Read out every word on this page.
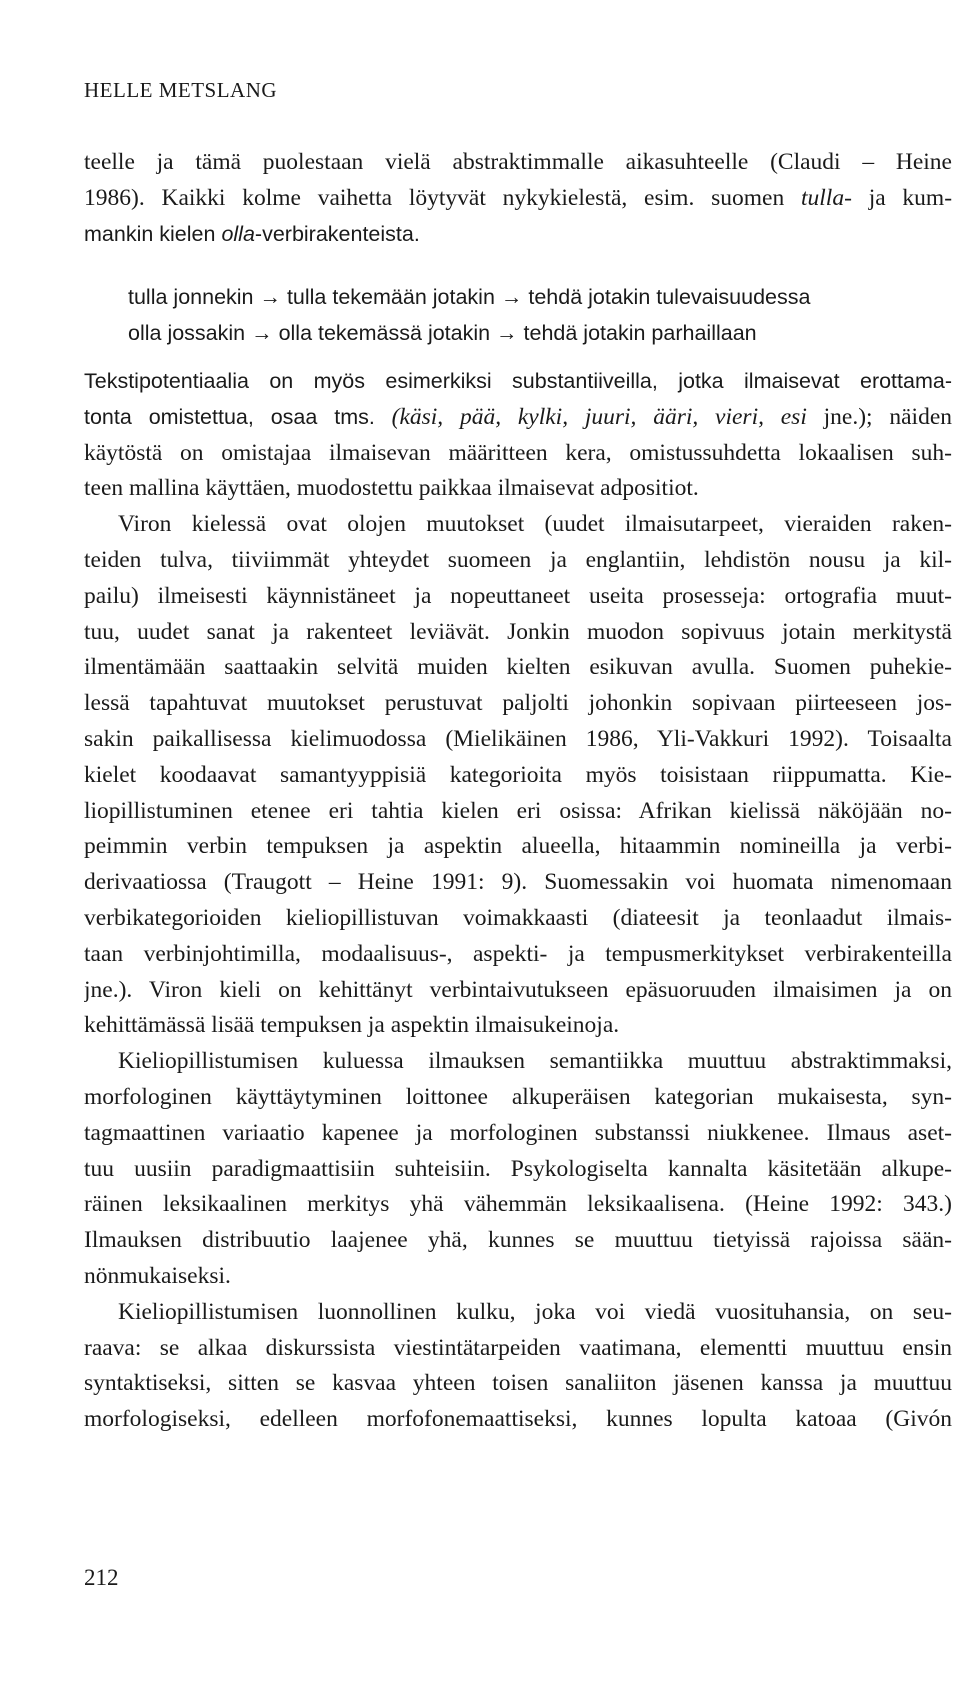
HELLE METSLANG

teelle ja tämä puolestaan vielä abstraktimmalle aikasuhteelle (Claudi – Heine
1986). Kaikki kolme vaihetta löytyvät nykykielestä, esim. suomen tulla- ja kum-
mankin kielen olla-verbirakenteista.
tulla jonnekin → tulla tekemään jotakin → tehdä jotakin tulevaisuudessa
olla jossakin → olla tekemässä jotakin → tehdä jotakin parhaillaan
Tekstipotentiaalia on myös esimerkiksi substantiiveilla, jotka ilmaisevat erottama-
tonta omistettua, osaa tms. (käsi, pää, kylki, juuri, ääri, vieri, esi jne.); näiden
käytöstä on omistajaa ilmaisevan määritteen kera, omistussuhdetta lokaalisen suh-
teen mallina käyttäen, muodostettu paikkaa ilmaisevat adpositiot.
Viron kielessä ovat olojen muutokset (uudet ilmaisutarpeet, vieraiden raken-
teiden tulva, tiiviimmät yhteydet suomeen ja englantiin, lehdistön nousu ja kil-
pailu) ilmeisesti käynnistäneet ja nopeuttaneet useita prosesseja: ortografia muut-
tuu, uudet sanat ja rakenteet leviävät. Jonkin muodon sopivuus jotain merkitystä
ilmentämään saattaakin selvitä muiden kielten esikuvan avulla. Suomen puhekie-
lessä tapahtuvat muutokset perustuvat paljolti johonkin sopivaan piirteeseen jos-
sakin paikallisessa kielimuodossa (Mielikäinen 1986, Yli-Vakkuri 1992). Toisaalta
kielet koodaavat samantyyppisiä kategorioita myös toisistaan riippumatta. Kie-
liopillistuminen etenee eri tahtia kielen eri osissa: Afrikan kielissä näköjään no-
peimmin verbin tempuksen ja aspektin alueella, hitaammin nomineilla ja verbi-
derivaatiossa (Traugott – Heine 1991: 9). Suomessakin voi huomata nimenomaan
verbikategorioiden kieliopillistuvan voimakkaasti (diateesit ja teonlaadut ilmais-
taan verbinjohtimilla, modaalisuus-, aspekti- ja tempusmerkitykset verbirakenteilla
jne.). Viron kieli on kehittänyt verbintaivutukseen epäsuoruuden ilmaisimen ja on
kehittämässä lisää tempuksen ja aspektin ilmaisukeinoja.
Kieliopillistumisen kuluessa ilmauksen semantiikka muuttuu abstraktimmaksi,
morfologinen käyttäytyminen loittonee alkuperäisen kategorian mukaisesta, syn-
tagmaattinen variaatio kapenee ja morfologinen substanssi niukkenee. Ilmaus aset-
tuu uusiin paradigmaattisiin suhteisiin. Psykologiselta kannalta käsitetään alkupe-
räinen leksikaalinen merkitys yhä vähemmän leksikaalisena. (Heine 1992: 343.)
Ilmauksen distribuutio laajenee yhä, kunnes se muuttuu tietyissä rajoissa sään-
nönmukaiseksi.
Kieliopillistumisen luonnollinen kulku, joka voi viedä vuosituhansia, on seu-
raava: se alkaa diskurssista viestintätarpeiden vaatimana, elementti muuttuu ensin
syntaktiseksi, sitten se kasvaa yhteen toisen sanaliiton jäsenen kanssa ja muuttuu
morfologiseksi, edelleen morfofonemaattiseksi, kunnes lopulta katoaa (Givón

212
